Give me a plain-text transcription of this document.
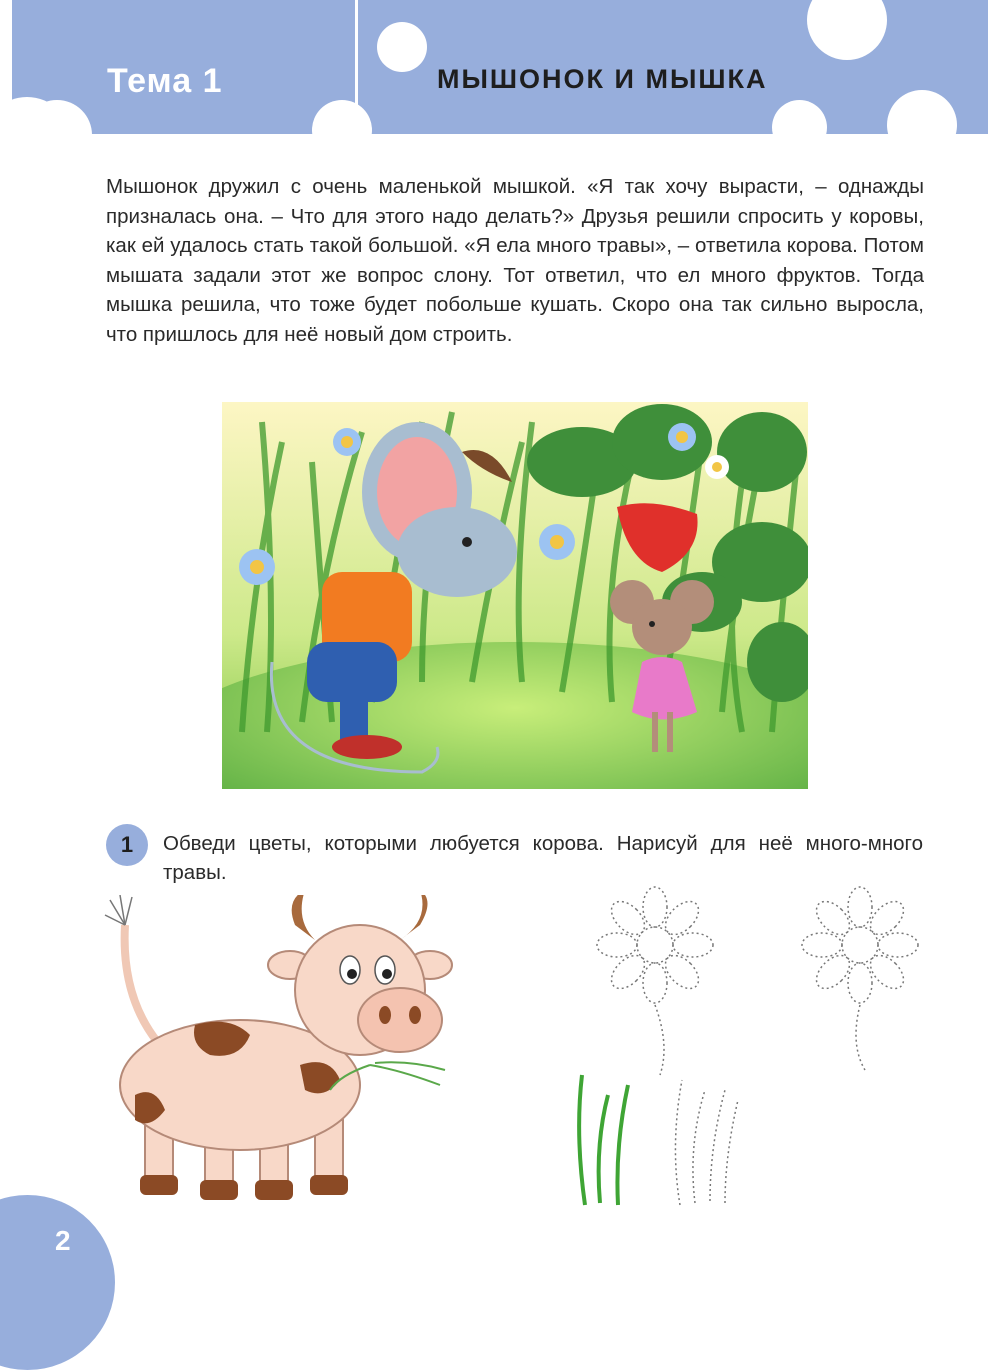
Тема 1	МЫШОНОК И МЫШКА

Мышонок дружил с очень маленькой мышкой. «Я так хочу вырасти, – однажды призналась она. – Что для этого надо делать?» Друзья решили спросить у коровы, как ей удалось стать такой большой. «Я ела много травы», – ответила корова. Потом мышата задали этот же вопрос слону. Тот ответил, что ел много фруктов. Тогда мышка решила, что тоже будет побольше кушать. Скоро она так сильно выросла, что пришлось для неё новый дом строить.

1	Обведи цветы, которыми любуется корова. Нарисуй для неё много-много травы.

2
